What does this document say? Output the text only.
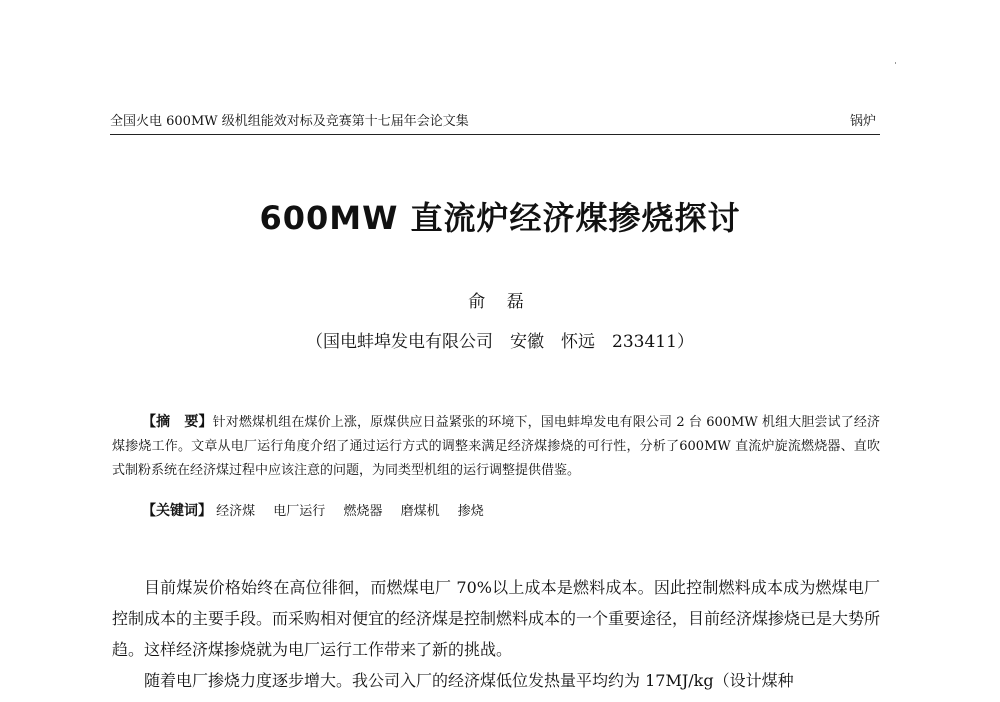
全国火电 600MW 级机组能效对标及竞赛第十七届年会论文集	锅炉
600MW 直流炉经济煤掺烧探讨
俞 磊
（国电蚌埠发电有限公司　安徽　怀远　233411）

【摘　要】针对燃煤机组在煤价上涨，原煤供应日益紧张的环境下，国电蚌埠发电有限公司 2 台 600MW 机组大胆尝试了经济煤掺烧工作。文章从电厂运行角度介绍了通过运行方式的调整来满足经济煤掺烧的可行性，分析了600MW 直流炉旋流燃烧器、直吹式制粉系统在经济煤过程中应该注意的问题，为同类型机组的运行调整提供借鉴。

【关键词】 经济煤 电厂运行 燃烧器 磨煤机 掺烧

目前煤炭价格始终在高位徘徊，而燃煤电厂 70%以上成本是燃料成本。因此控制燃料成本成为燃煤电厂控制成本的主要手段。而采购相对便宜的经济煤是控制燃料成本的一个重要途径，目前经济煤掺烧已是大势所趋。这样经济煤掺烧就为电厂运行工作带来了新的挑战。

随着电厂掺烧力度逐步增大。我公司入厂的经济煤低位发热量平均约为 17MJ/kg（设计煤种
